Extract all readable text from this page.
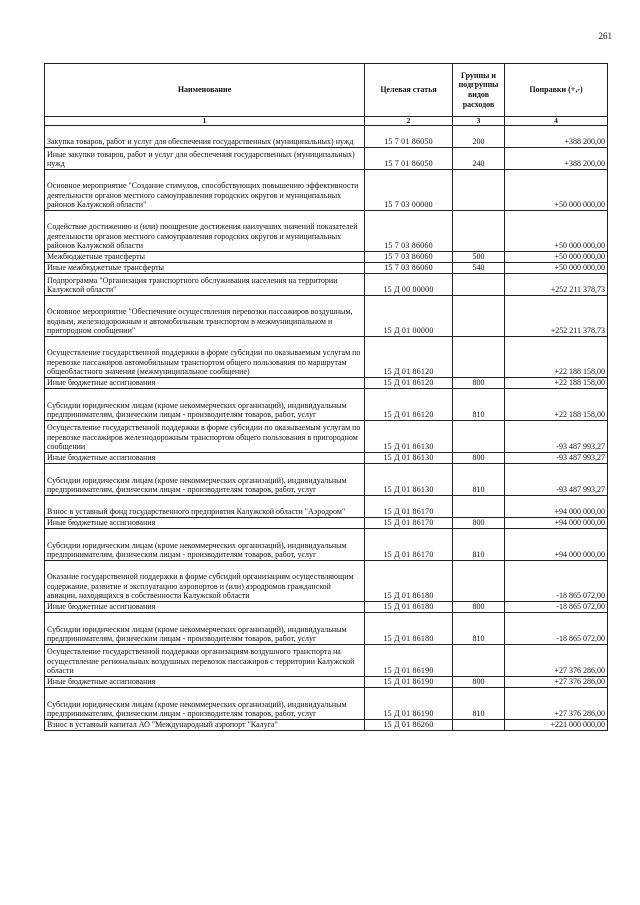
261
Наименование	Целевая статья	Группы и подгруппы видов расходов	Поправки (+,-)
1	2	3	4
Закупка товаров, работ и услуг для обеспечения государственных (муниципальных) нужд	15 7 01 86050	200	+388 200,00
Иные закупки товаров, работ и услуг для обеспечения государственных (муниципальных) нужд	15 7 01 86050	240	+388 200,00
Основное мероприятие "Создание стимулов, способствующих повышению эффективности деятельности органов местного самоуправления городских округов и муниципальных районов Калужской области"	15 7 03 00000		+50 000 000,00
Содействие достижению и (или) поощрение достижения наилучших значений показателей деятельности органов местного самоуправления городских округов и муниципальных районов Калужской области	15 7 03 86060		+50 000 000,00
Межбюджетные трансферты	15 7 03 86060	500	+50 000 000,00
Иные межбюджетные трансферты	15 7 03 86060	540	+50 000 000,00
Подпрограмма "Организация транспортного обслуживания населения на территории Калужской области"	15 Д 00 00000		+252 211 378,73
Основное мероприятие "Обеспечение осуществления перевозки пассажиров воздушным, водным, железнодорожным и автомобильным транспортом в межмуниципальном и пригородном сообщении"	15 Д 01 00000		+252 211 378,73
Осуществление государственной поддержки в форме субсидии по оказываемым услугам по перевозке пассажиров автомобильным транспортом общего пользования по маршрутам общеобластного значения (межмуниципальное сообщение)	15 Д 01 86120		+22 188 158,00
Иные бюджетные ассигнования	15 Д 01 86120	800	+22 188 158,00
Субсидии юридическим лицам (кроме некоммерческих организаций), индивидуальным предпринимателям, физическим лицам - производителям товаров, работ, услуг	15 Д 01 86120	810	+22 188 158,00
Осуществление государственной поддержки в форме субсидии по оказываемым услугам по перевозке пассажиров железнодорожным транспортом общего пользования в пригородном сообщении	15 Д 01 86130		-93 487 993,27
Иные бюджетные ассигнования	15 Д 01 86130	800	-93 487 993,27
Субсидии юридическим лицам (кроме некоммерческих организаций), индивидуальным предпринимателям, физическим лицам - производителям товаров, работ, услуг	15 Д 01 86130	810	-93 487 993,27
Взнос в уставный фонд государственного предприятия Калужской области "Аэродром"	15 Д 01 86170		+94 000 000,00
Иные бюджетные ассигнования	15 Д 01 86170	800	+94 000 000,00
Субсидии юридическим лицам (кроме некоммерческих организаций), индивидуальным предпринимателям, физическим лицам - производителям товаров, работ, услуг	15 Д 01 86170	810	+94 000 000,00
Оказание государственной поддержки в форме субсидий организациям осуществляющим содержание, развитие и эксплуатацию аэропортов и (или) аэродромов гражданской авиации, находящихся в собственности Калужской области	15 Д 01 86180		-18 865 072,00
Иные бюджетные ассигнования	15 Д 01 86180	800	-18 865 072,00
Субсидии юридическим лицам (кроме некоммерческих организаций), индивидуальным предпринимателям, физическим лицам - производителям товаров, работ, услуг	15 Д 01 86180	810	-18 865 072,00
Осуществление государственной поддержки организациям воздушного транспорта на осуществление региональных воздушных перевозок пассажиров с территории Калужской области	15 Д 01 86190		+27 376 286,00
Иные бюджетные ассигнования	15 Д 01 86190	800	+27 376 286,00
Субсидии юридическим лицам (кроме некоммерческих организаций), индивидуальным предпринимателям, физическим лицам - производителям товаров, работ, услуг	15 Д 01 86190	810	+27 376 286,00
Взнос в уставный капитал АО "Международный аэропорт "Калуга"	15 Д 01 86260		+221 000 000,00
